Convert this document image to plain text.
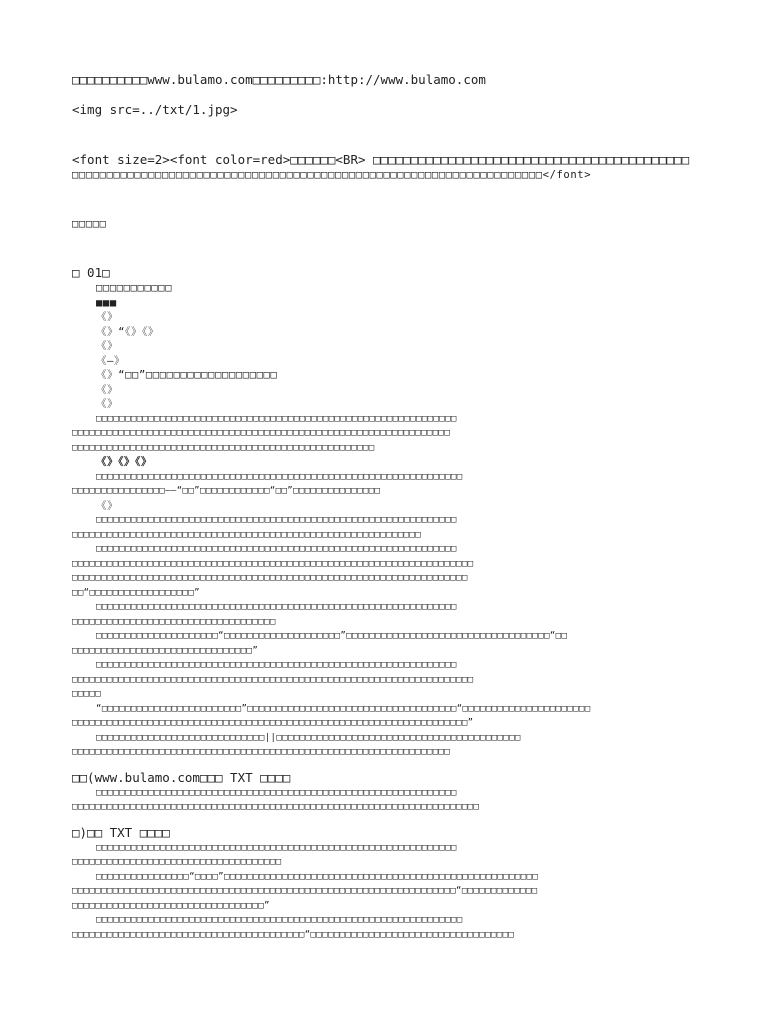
□□□□□□□□□□www.bulamo.com□□□□□□□□□:http://www.bulamo.com
<img src=../txt/1.jpg>
<font size=2><font color=red>□□□□□□<BR> □□□□□□□□□□□□□□□□□□□□□□□□□□□□□□□□□□□□□□□□□□
□□□□□□□□□□□□□□□□□□□□□□□□□□□□□□□□□□□□□□□□□□□□□□□□□□□□□□□□□□□□□□□□□□□□</font>
□□□□□
□ 01□
□□□□□□□□□□□
■■■
《》
《》“《》《》
《》
《—》
《》“□□”□□□□□□□□□□□□□□□□□□□
《》
《》
□□□□□□□□□□□□□□□□□□□□□□□□□□□□□□□□□□□□□□□□□□□□□□□□□□□□□□□□□□□□□□
□□□□□□□□□□□□□□□□□□□□□□□□□□□□□□□□□□□□□□□□□□□□□□□□□□□□□□□□□□□□□□□□□
□□□□□□□□□□□□□□□□□□□□□□□□□□□□□□□□□□□□□□□□□□□□□□□□□□□□
《》《》《》
□□□□□□□□□□□□□□□□□□□□□□□□□□□□□□□□□□□□□□□□□□□□□□□□□□□□□□□□□□□□□□□
□□□□□□□□□□□□□□□□——“□□”□□□□□□□□□□□□“□□”□□□□□□□□□□□□□□□
《》
□□□□□□□□□□□□□□□□□□□□□□□□□□□□□□□□□□□□□□□□□□□□□□□□□□□□□□□□□□□□□□
□□□□□□□□□□□□□□□□□□□□□□□□□□□□□□□□□□□□□□□□□□□□□□□□□□□□□□□□□□□□
□□□□□□□□□□□□□□□□□□□□□□□□□□□□□□□□□□□□□□□□□□□□□□□□□□□□□□□□□□□□□□
□□□□□□□□□□□□□□□□□□□□□□□□□□□□□□□□□□□□□□□□□□□□□□□□□□□□□□□□□□□□□□□□□□□□□
□□□□□□□□□□□□□□□□□□□□□□□□□□□□□□□□□□□□□□□□□□□□□□□□□□□□□□□□□□□□□□□□□□□□
□□“□□□□□□□□□□□□□□□□□□”
□□□□□□□□□□□□□□□□□□□□□□□□□□□□□□□□□□□□□□□□□□□□□□□□□□□□□□□□□□□□□□
□□□□□□□□□□□□□□□□□□□□□□□□□□□□□□□□□□□
□□□□□□□□□□□□□□□□□□□□□“□□□□□□□□□□□□□□□□□□□□”□□□□□□□□□□□□□□□□□□□□□□□□□□□□□□□□□□□“□□
□□□□□□□□□□□□□□□□□□□□□□□□□□□□□□□”
□□□□□□□□□□□□□□□□□□□□□□□□□□□□□□□□□□□□□□□□□□□□□□□□□□□□□□□□□□□□□□
□□□□□□□□□□□□□□□□□□□□□□□□□□□□□□□□□□□□□□□□□□□□□□□□□□□□□□□□□□□□□□□□□□□□□
□□□□□
“□□□□□□□□□□□□□□□□□□□□□□□□”□□□□□□□□□□□□□□□□□□□□□□□□□□□□□□□□□□□□“□□□□□□□□□□□□□□□□□□□□□□
□□□□□□□□□□□□□□□□□□□□□□□□□□□□□□□□□□□□□□□□□□□□□□□□□□□□□□□□□□□□□□□□□□□□”
□□□□□□□□□□□□□□□□□□□□□□□□□□□□□||□□□□□□□□□□□□□□□□□□□□□□□□□□□□□□□□□□□□□□□□□□
□□□□□□□□□□□□□□□□□□□□□□□□□□□□□□□□□□□□□□□□□□□□□□□□□□□□□□□□□□□□□□□□□
□□(www.bulamo.com□□□ TXT □□□□
□□□□□□□□□□□□□□□□□□□□□□□□□□□□□□□□□□□□□□□□□□□□□□□□□□□□□□□□□□□□□□
□□□□□□□□□□□□□□□□□□□□□□□□□□□□□□□□□□□□□□□□□□□□□□□□□□□□□□□□□□□□□□□□□□□□□□
□)□□ TXT □□□□
□□□□□□□□□□□□□□□□□□□□□□□□□□□□□□□□□□□□□□□□□□□□□□□□□□□□□□□□□□□□□□
□□□□□□□□□□□□□□□□□□□□□□□□□□□□□□□□□□□□
□□□□□□□□□□□□□□□□“□□□□”□□□□□□□□□□□□□□□□□□□□□□□□□□□□□□□□□□□□□□□□□□□□□□□□□□□□□□
□□□□□□□□□□□□□□□□□□□□□□□□□□□□□□□□□□□□□□□□□□□□□□□□□□□□□□□□□□□□□□□□□□“□□□□□□□□□□□□□
□□□□□□□□□□□□□□□□□□□□□□□□□□□□□□□□□”
□□□□□□□□□□□□□□□□□□□□□□□□□□□□□□□□□□□□□□□□□□□□□□□□□□□□□□□□□□□□□□□
□□□□□□□□□□□□□□□□□□□□□□□□□□□□□□□□□□□□□□□□“□□□□□□□□□□□□□□□□□□□□□□□□□□□□□□□□□□□
